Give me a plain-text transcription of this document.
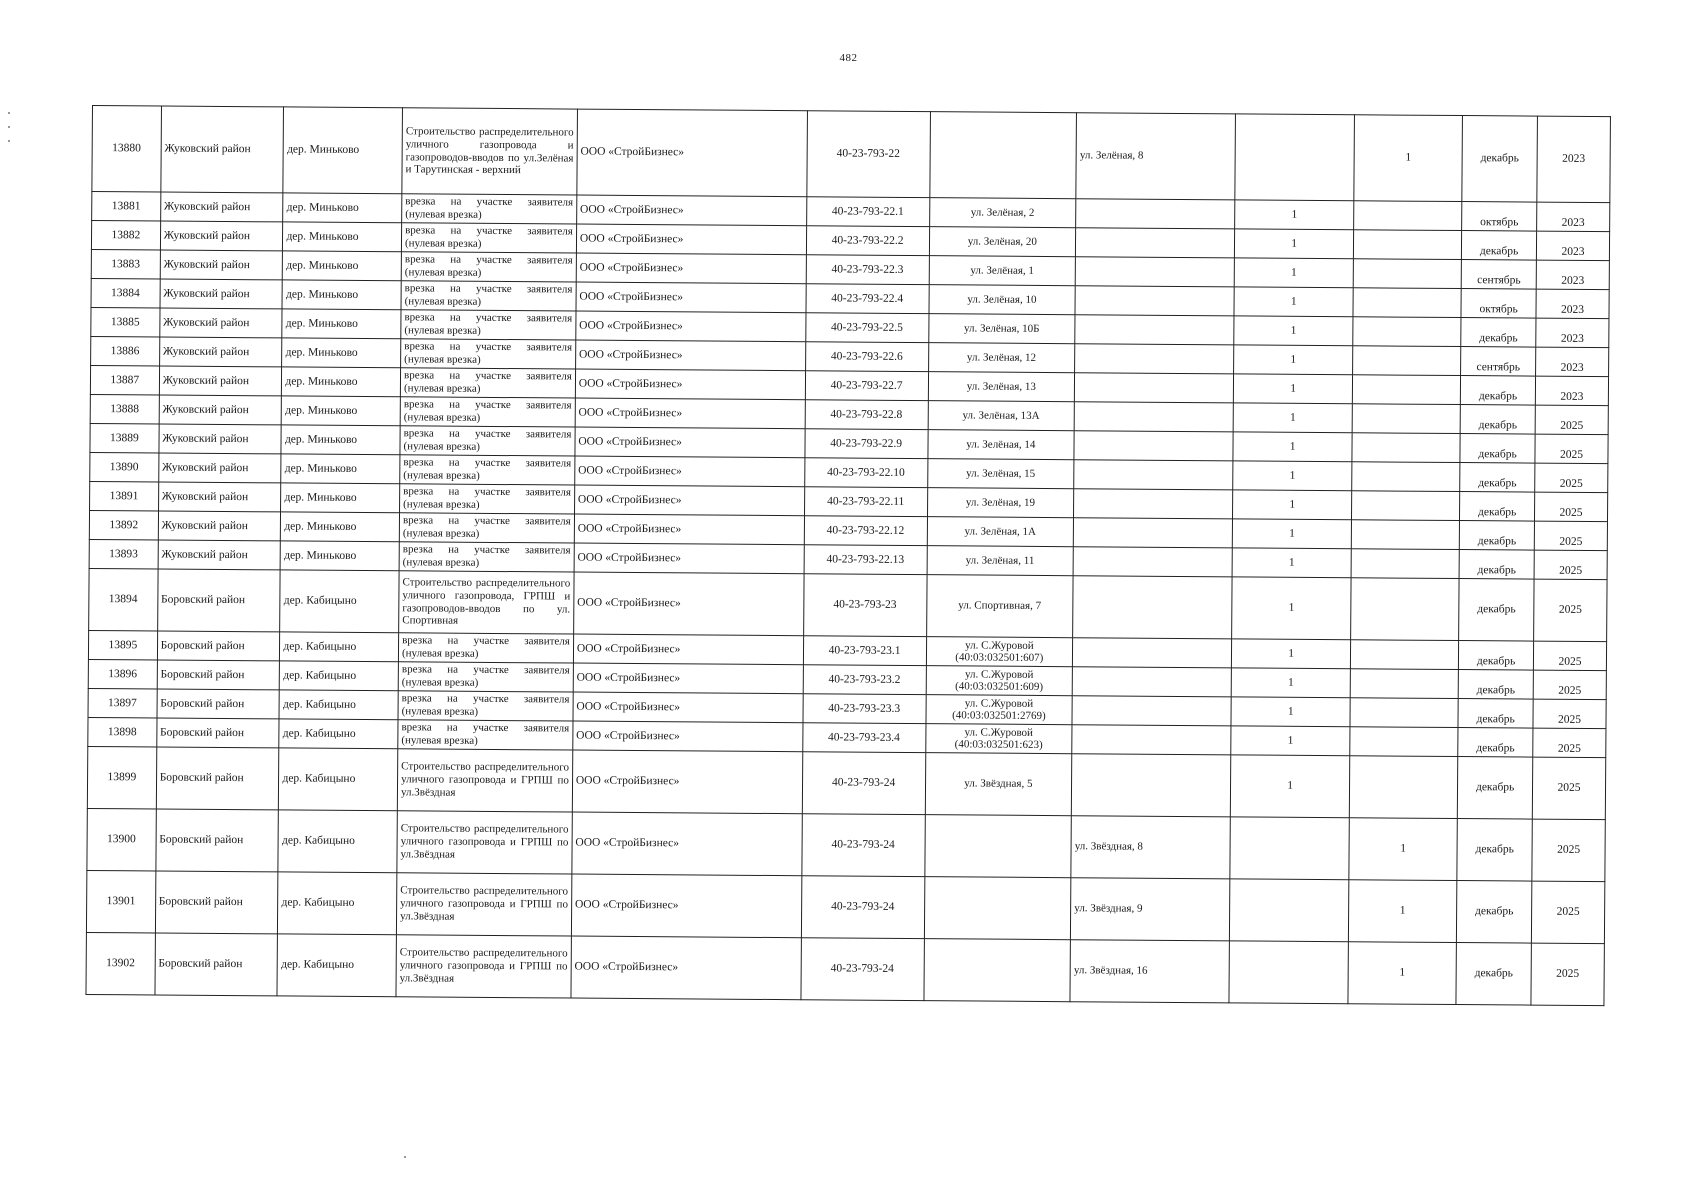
482
13880	Жуковский район	дер. Миньково	Строительство распределительного уличного газопровода и газопроводов-вводов по ул.Зелёная и Тарутинская - верхний	ООО «СтройБизнес»	40-23-793-22		ул. Зелёная, 8		1	декабрь	2023
13881	Жуковский район	дер. Миньково	врезка на участке заявителя (нулевая врезка)	ООО «СтройБизнес»	40-23-793-22.1	ул. Зелёная, 2		1		октябрь	2023
13882	Жуковский район	дер. Миньково	врезка на участке заявителя (нулевая врезка)	ООО «СтройБизнес»	40-23-793-22.2	ул. Зелёная, 20		1		декабрь	2023
13883	Жуковский район	дер. Миньково	врезка на участке заявителя (нулевая врезка)	ООО «СтройБизнес»	40-23-793-22.3	ул. Зелёная, 1		1		сентябрь	2023
13884	Жуковский район	дер. Миньково	врезка на участке заявителя (нулевая врезка)	ООО «СтройБизнес»	40-23-793-22.4	ул. Зелёная, 10		1		октябрь	2023
13885	Жуковский район	дер. Миньково	врезка на участке заявителя (нулевая врезка)	ООО «СтройБизнес»	40-23-793-22.5	ул. Зелёная, 10Б		1		декабрь	2023
13886	Жуковский район	дер. Миньково	врезка на участке заявителя (нулевая врезка)	ООО «СтройБизнес»	40-23-793-22.6	ул. Зелёная, 12		1		сентябрь	2023
13887	Жуковский район	дер. Миньково	врезка на участке заявителя (нулевая врезка)	ООО «СтройБизнес»	40-23-793-22.7	ул. Зелёная, 13		1		декабрь	2023
13888	Жуковский район	дер. Миньково	врезка на участке заявителя (нулевая врезка)	ООО «СтройБизнес»	40-23-793-22.8	ул. Зелёная, 13А		1		декабрь	2025
13889	Жуковский район	дер. Миньково	врезка на участке заявителя (нулевая врезка)	ООО «СтройБизнес»	40-23-793-22.9	ул. Зелёная, 14		1		декабрь	2025
13890	Жуковский район	дер. Миньково	врезка на участке заявителя (нулевая врезка)	ООО «СтройБизнес»	40-23-793-22.10	ул. Зелёная, 15		1		декабрь	2025
13891	Жуковский район	дер. Миньково	врезка на участке заявителя (нулевая врезка)	ООО «СтройБизнес»	40-23-793-22.11	ул. Зелёная, 19		1		декабрь	2025
13892	Жуковский район	дер. Миньково	врезка на участке заявителя (нулевая врезка)	ООО «СтройБизнес»	40-23-793-22.12	ул. Зелёная, 1А		1		декабрь	2025
13893	Жуковский район	дер. Миньково	врезка на участке заявителя (нулевая врезка)	ООО «СтройБизнес»	40-23-793-22.13	ул. Зелёная, 11		1		декабрь	2025
13894	Боровский район	дер. Кабицыно	Строительство распределительного уличного газопровода, ГРПШ и газопроводов-вводов по ул. Спортивная	ООО «СтройБизнес»	40-23-793-23	ул. Спортивная, 7		1		декабрь	2025
13895	Боровский район	дер. Кабицыно	врезка на участке заявителя (нулевая врезка)	ООО «СтройБизнес»	40-23-793-23.1	ул. С.Журовой (40:03:032501:607)		1		декабрь	2025
13896	Боровский район	дер. Кабицыно	врезка на участке заявителя (нулевая врезка)	ООО «СтройБизнес»	40-23-793-23.2	ул. С.Журовой (40:03:032501:609)		1		декабрь	2025
13897	Боровский район	дер. Кабицыно	врезка на участке заявителя (нулевая врезка)	ООО «СтройБизнес»	40-23-793-23.3	ул. С.Журовой (40:03:032501:2769)		1		декабрь	2025
13898	Боровский район	дер. Кабицыно	врезка на участке заявителя (нулевая врезка)	ООО «СтройБизнес»	40-23-793-23.4	ул. С.Журовой (40:03:032501:623)		1		декабрь	2025
13899	Боровский район	дер. Кабицыно	Строительство распределительного уличного газопровода и ГРПШ по ул.Звёздная	ООО «СтройБизнес»	40-23-793-24	ул. Звёздная, 5		1		декабрь	2025
13900	Боровский район	дер. Кабицыно	Строительство распределительного уличного газопровода и ГРПШ по ул.Звёздная	ООО «СтройБизнес»	40-23-793-24		ул. Звёздная, 8		1	декабрь	2025
13901	Боровский район	дер. Кабицыно	Строительство распределительного уличного газопровода и ГРПШ по ул.Звёздная	ООО «СтройБизнес»	40-23-793-24		ул. Звёздная, 9		1	декабрь	2025
13902	Боровский район	дер. Кабицыно	Строительство распределительного уличного газопровода и ГРПШ по ул.Звёздная	ООО «СтройБизнес»	40-23-793-24		ул. Звёздная, 16		1	декабрь	2025
